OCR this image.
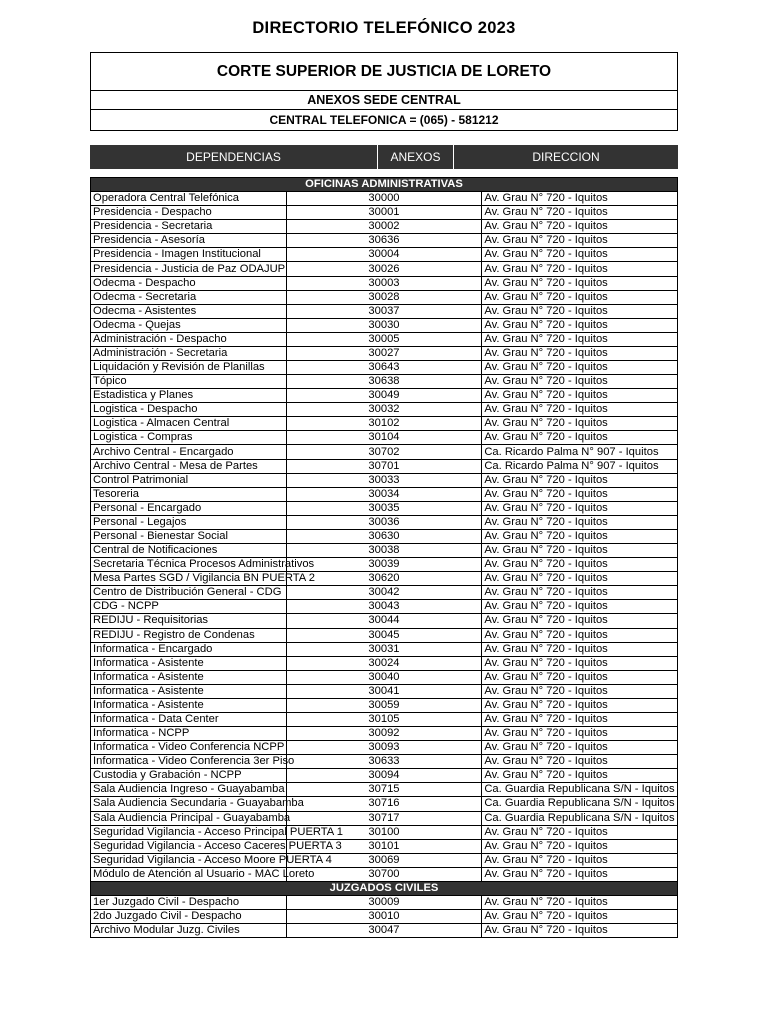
DIRECTORIO TELEFÓNICO 2023
CORTE SUPERIOR DE JUSTICIA DE LORETO
ANEXOS SEDE CENTRAL
CENTRAL TELEFONICA = (065) - 581212
DEPENDENCIAS	ANEXOS	DIRECCION
OFICINAS ADMINISTRATIVAS		
Operadora Central Telefónica	30000	Av. Grau N° 720 - Iquitos
Presidencia - Despacho	30001	Av. Grau N° 720 - Iquitos
Presidencia - Secretaria	30002	Av. Grau N° 720 - Iquitos
Presidencia - Asesoría	30636	Av. Grau N° 720 - Iquitos
Presidencia - Imagen Institucional	30004	Av. Grau N° 720 - Iquitos
Presidencia - Justicia de Paz ODAJUP	30026	Av. Grau N° 720 - Iquitos
Odecma - Despacho	30003	Av. Grau N° 720 - Iquitos
Odecma - Secretaria	30028	Av. Grau N° 720 - Iquitos
Odecma - Asistentes	30037	Av. Grau N° 720 - Iquitos
Odecma - Quejas	30030	Av. Grau N° 720 - Iquitos
Administración - Despacho	30005	Av. Grau N° 720 - Iquitos
Administración - Secretaria	30027	Av. Grau N° 720 - Iquitos
Liquidación y Revisión de Planillas	30643	Av. Grau N° 720 - Iquitos
Tópico	30638	Av. Grau N° 720 - Iquitos
Estadistica y Planes	30049	Av. Grau N° 720 - Iquitos
Logistica - Despacho	30032	Av. Grau N° 720 - Iquitos
Logistica - Almacen Central	30102	Av. Grau N° 720 - Iquitos
Logistica - Compras	30104	Av. Grau N° 720 - Iquitos
Archivo Central - Encargado	30702	Ca. Ricardo Palma N° 907 - Iquitos
Archivo Central - Mesa de Partes	30701	Ca. Ricardo Palma N° 907 - Iquitos
Control Patrimonial	30033	Av. Grau N° 720 - Iquitos
Tesoreria	30034	Av. Grau N° 720 - Iquitos
Personal - Encargado	30035	Av. Grau N° 720 - Iquitos
Personal - Legajos	30036	Av. Grau N° 720 - Iquitos
Personal - Bienestar Social	30630	Av. Grau N° 720 - Iquitos
Central de Notificaciones	30038	Av. Grau N° 720 - Iquitos
Secretaria Técnica Procesos Administrativos	30039	Av. Grau N° 720 - Iquitos
Mesa Partes SGD / Vigilancia BN PUERTA 2	30620	Av. Grau N° 720 - Iquitos
Centro de Distribución General - CDG	30042	Av. Grau N° 720 - Iquitos
CDG - NCPP	30043	Av. Grau N° 720 - Iquitos
REDIJU - Requisitorias	30044	Av. Grau N° 720 - Iquitos
REDIJU - Registro de Condenas	30045	Av. Grau N° 720 - Iquitos
Informatica - Encargado	30031	Av. Grau N° 720 - Iquitos
Informatica - Asistente	30024	Av. Grau N° 720 - Iquitos
Informatica - Asistente	30040	Av. Grau N° 720 - Iquitos
Informatica - Asistente	30041	Av. Grau N° 720 - Iquitos
Informatica - Asistente	30059	Av. Grau N° 720 - Iquitos
Informatica - Data Center	30105	Av. Grau N° 720 - Iquitos
Informatica - NCPP	30092	Av. Grau N° 720 - Iquitos
Informatica - Video Conferencia NCPP	30093	Av. Grau N° 720 - Iquitos
Informatica - Video Conferencia 3er Piso	30633	Av. Grau N° 720 - Iquitos
Custodia y Grabación - NCPP	30094	Av. Grau N° 720 - Iquitos
Sala Audiencia Ingreso - Guayabamba	30715	Ca. Guardia Republicana S/N - Iquitos
Sala Audiencia Secundaria - Guayabamba	30716	Ca. Guardia Republicana S/N - Iquitos
Sala Audiencia Principal - Guayabamba	30717	Ca. Guardia Republicana S/N - Iquitos
Seguridad Vigilancia - Acceso Principal PUERTA 1	30100	Av. Grau N° 720 - Iquitos
Seguridad Vigilancia - Acceso Caceres PUERTA 3	30101	Av. Grau N° 720 - Iquitos
Seguridad Vigilancia - Acceso Moore PUERTA 4	30069	Av. Grau N° 720 - Iquitos
Módulo de Atención al Usuario - MAC Loreto	30700	Av. Grau N° 720 - Iquitos
JUZGADOS CIVILES		
1er Juzgado Civil - Despacho	30009	Av. Grau N° 720 - Iquitos
2do Juzgado Civil - Despacho	30010	Av. Grau N° 720 - Iquitos
Archivo Modular Juzg. Civiles	30047	Av. Grau N° 720 - Iquitos
